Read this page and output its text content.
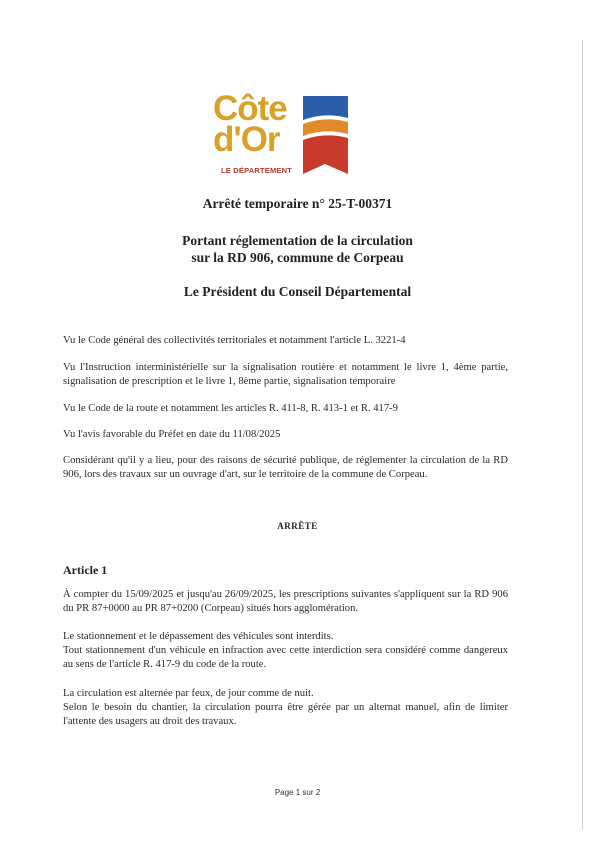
Côte
d'Or
LE DÉPARTEMENT
Arrêté temporaire n° 25-T-00371
Portant réglementation de la circulation
sur la RD 906, commune de Corpeau
Le Président du Conseil Départemental
Vu le Code général des collectivités territoriales et notamment l'article L. 3221-4
Vu l'Instruction interministérielle sur la signalisation routière et notamment le livre 1, 4ème partie, signalisation de prescription et le livre 1, 8ème partie, signalisation temporaire
Vu le Code de la route et notamment les articles R. 411-8, R. 413-1 et R. 417-9
Vu l'avis favorable du Préfet en date du 11/08/2025
Considérant qu'il y a lieu, pour des raisons de sécurité publique, de réglementer la circulation de la RD 906, lors des travaux sur un ouvrage d'art, sur le territoire de la commune de Corpeau.
ARRÊTE
Article 1
À compter du 15/09/2025 et jusqu'au 26/09/2025, les prescriptions suivantes s'appliquent sur la RD 906 du PR 87+0000 au PR 87+0200 (Corpeau) situés hors agglomération.
Le stationnement et le dépassement des véhicules sont interdits.
Tout stationnement d'un véhicule en infraction avec cette interdiction sera considéré comme dangereux au sens de l'article R. 417-9 du code de la route.
La circulation est alternée par feux, de jour comme de nuit.
Selon le besoin du chantier, la circulation pourra être gérée par un alternat manuel, afin de limiter l'attente des usagers au droit des travaux.
Page 1 sur 2
